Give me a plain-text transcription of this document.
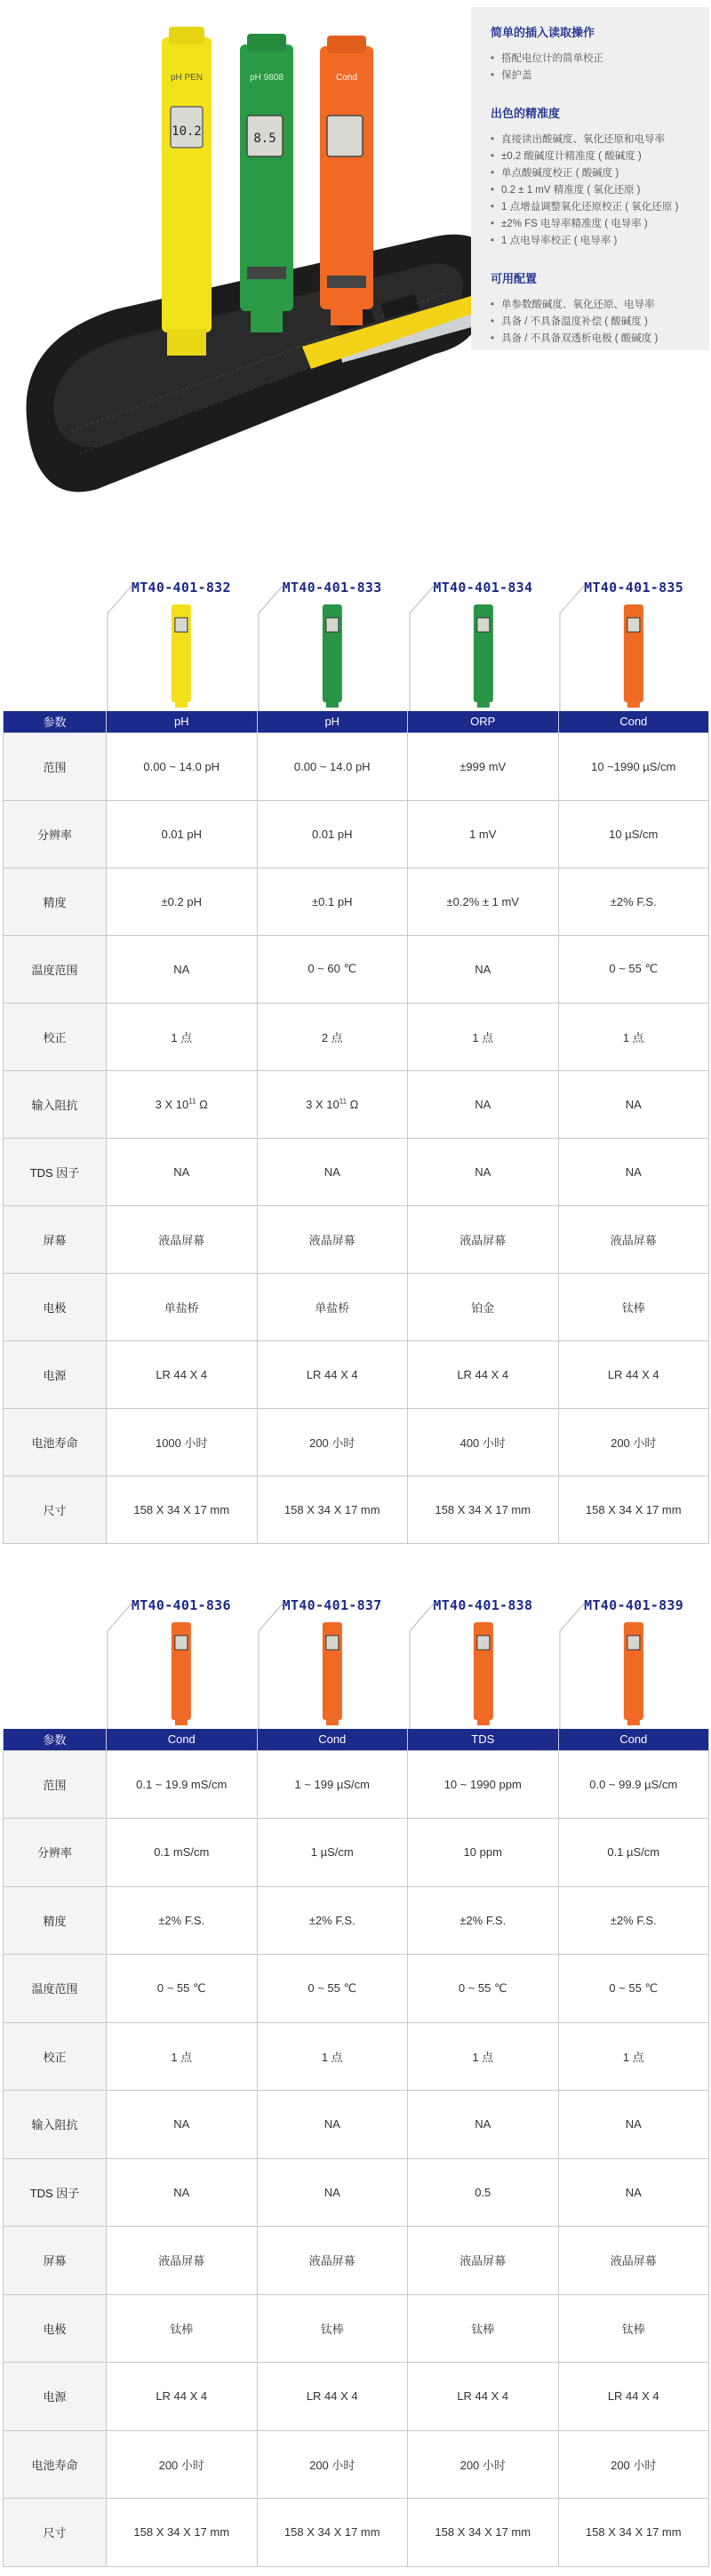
10.2
pH PEN
8.5
pH 9808	Cond
简单的插入读取操作
• 搭配电位计的简单校正
• 保护盖
出色的精准度
• 直接读出酸碱度、氧化还原和电导率
• ±0.2 酸碱度计精准度 ( 酸碱度 )
• 单点酸碱度校正 ( 酸碱度 )
• 0.2 ± 1 mV 精准度 ( 氧化还原 )
• 1 点增益调整氧化还原校正 ( 氧化还原 )
• ±2% FS 电导率精准度 ( 电导率 )
• 1 点电导率校正 ( 电导率 )
可用配置
• 单参数酸碱度、氧化还原、电导率
• 具备 / 不具备温度补偿 ( 酸碱度 )
• 具备 / 不具备双透析电极 ( 酸碱度 )
MT40-401-832	MT40-401-833	MT40-401-834	MT40-401-835
参数	pH	pH	ORP	Cond
范围	0.00 ~ 14.0 pH	0.00 ~ 14.0 pH	±999 mV	10 ~1990 µS/cm
分辨率	0.01 pH	0.01 pH	1 mV	10 µS/cm
精度	±0.2 pH	±0.1 pH	±0.2% ± 1 mV	±2% F.S.
温度范围	NA	0 ~ 60 ℃	NA	0 ~ 55 ℃
校正	1 点	2 点	1 点	1 点
输入阻抗	3 X $10^{11}$ Ω	3 X $10^{11}$ Ω	NA	NA
TDS 因子	NA	NA	NA	NA
屏幕	液晶屏幕	液晶屏幕	液晶屏幕	液晶屏幕
电极	单盐桥	单盐桥	铂金	钛棒
电源	LR 44 X 4	LR 44 X 4	LR 44 X 4	LR 44 X 4
电池寿命	1000 小时	200 小时	400 小时	200 小时
尺寸	158 X 34 X 17 mm	158 X 34 X 17 mm	158 X 34 X 17 mm	158 X 34 X 17 mm
MT40-401-836	MT40-401-837	MT40-401-838	MT40-401-839
参数	Cond	Cond	TDS	Cond
范围	0.1 ~ 19.9 mS/cm	1 ~ 199 µS/cm	10 ~ 1990 ppm	0.0 ~ 99.9 µS/cm
分辨率	0.1 mS/cm	1 µS/cm	10 ppm	0.1 µS/cm
精度	±2% F.S.	±2% F.S.	±2% F.S.	±2% F.S.
温度范围	0 ~ 55 ℃	0 ~ 55 ℃	0 ~ 55 ℃	0 ~ 55 ℃
校正	1 点	1 点	1 点	1 点
输入阻抗	NA	NA	NA	NA
TDS 因子	NA	NA	0.5	NA
屏幕	液晶屏幕	液晶屏幕	液晶屏幕	液晶屏幕
电极	钛棒	钛棒	钛棒	钛棒
电源	LR 44 X 4	LR 44 X 4	LR 44 X 4	LR 44 X 4
电池寿命	200 小时	200 小时	200 小时	200 小时
尺寸	158 X 34 X 17 mm	158 X 34 X 17 mm	158 X 34 X 17 mm	158 X 34 X 17 mm
